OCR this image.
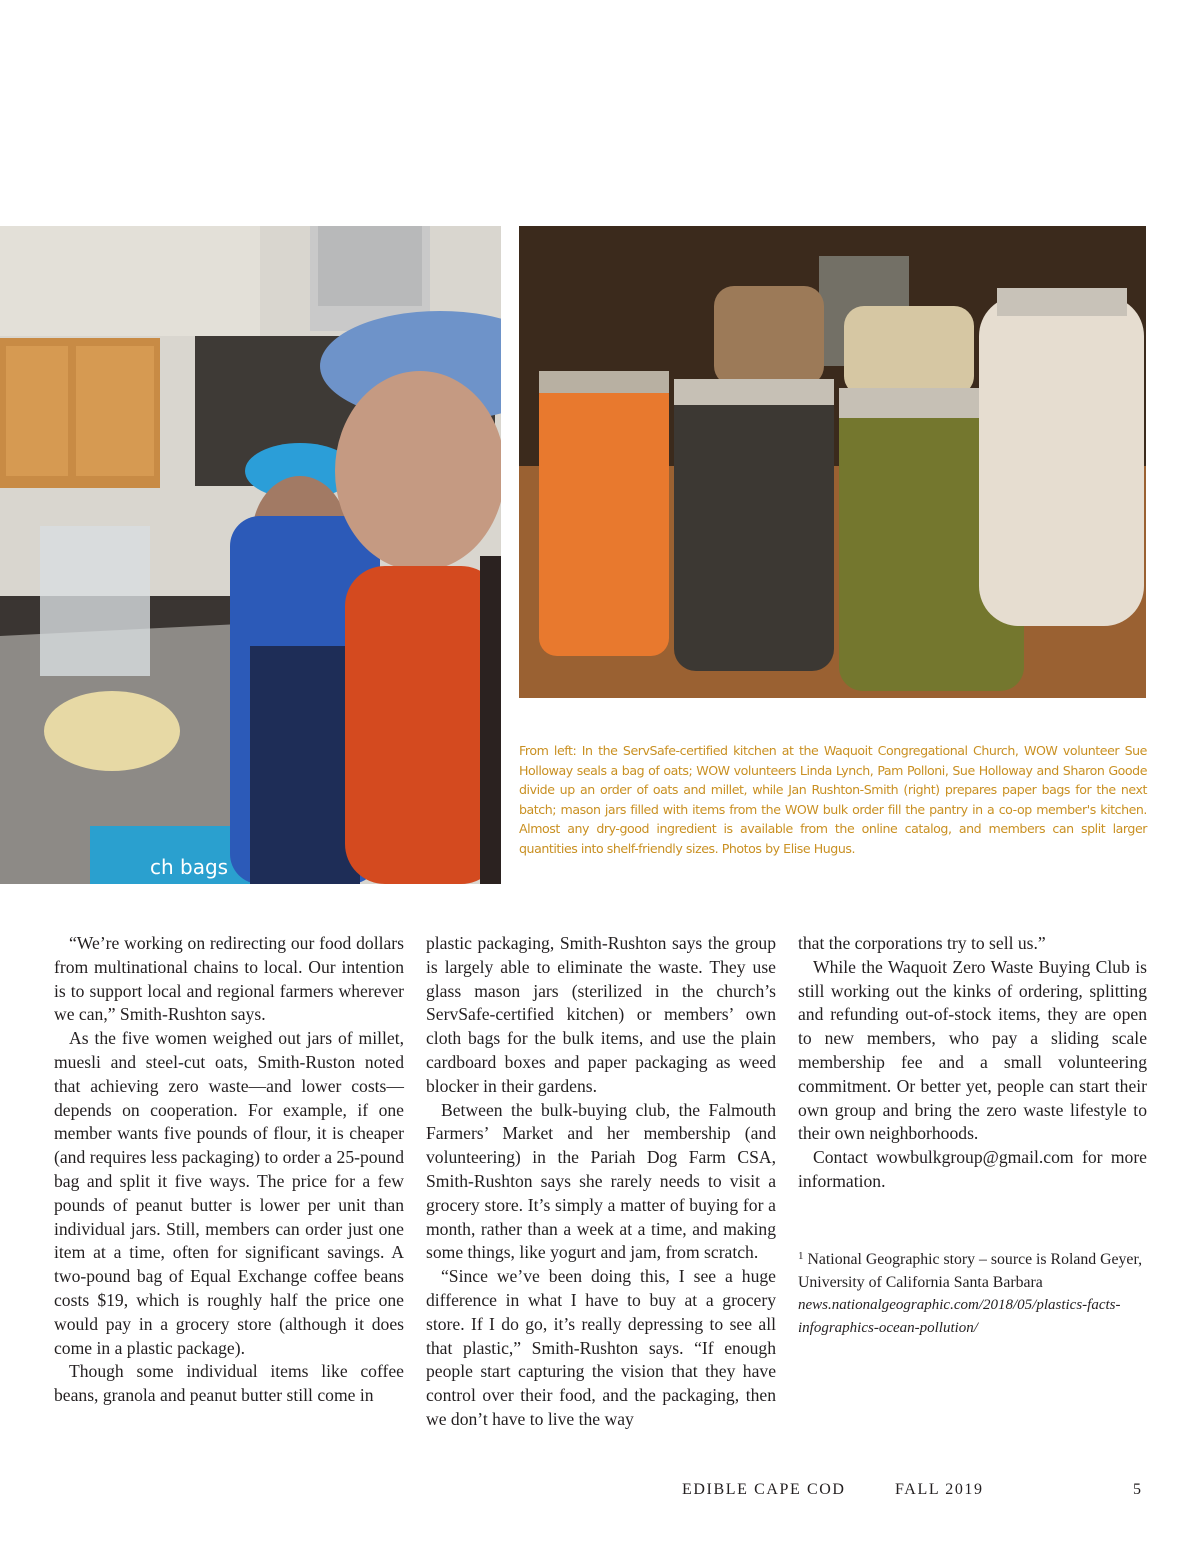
ch bags

From left: In the ServSafe-certified kitchen at the Waquoit Congregational Church, WOW volunteer Sue Holloway seals a bag of oats; WOW volunteers Linda Lynch, Pam Polloni, Sue Holloway and Sharon Goode divide up an order of oats and millet, while Jan Rushton-Smith (right) prepares paper bags for the next batch; mason jars filled with items from the WOW bulk order fill the pantry in a co-op member's kitchen. Almost any dry-good ingredient is available from the online catalog, and members can split larger quantities into shelf-friendly sizes. Photos by Elise Hugus.

“We’re working on redirecting our food dollars from multinational chains to local. Our intention is to support local and regional farmers wherever we can,” Smith-Rushton says.

As the five women weighed out jars of millet, muesli and steel-cut oats, Smith-Ruston noted that achieving zero waste—and lower costs—depends on cooperation. For example, if one member wants five pounds of flour, it is cheaper (and requires less packaging) to order a 25-pound bag and split it five ways. The price for a few pounds of peanut butter is lower per unit than individual jars. Still, members can order just one item at a time, often for significant savings. A two-pound bag of Equal Exchange coffee beans costs $19, which is roughly half the price one would pay in a grocery store (although it does come in a plastic package).

Though some individual items like coffee beans, granola and peanut butter still come in

plastic packaging, Smith-Rushton says the group is largely able to eliminate the waste. They use glass mason jars (sterilized in the church’s ServSafe-certified kitchen) or members’ own cloth bags for the bulk items, and use the plain cardboard boxes and paper packaging as weed blocker in their gardens.

Between the bulk-buying club, the Falmouth Farmers’ Market and her membership (and volunteering) in the Pariah Dog Farm CSA, Smith-Rushton says she rarely needs to visit a grocery store. It’s simply a matter of buying for a month, rather than a week at a time, and making some things, like yogurt and jam, from scratch.

“Since we’ve been doing this, I see a huge difference in what I have to buy at a grocery store. If I do go, it’s really depressing to see all that plastic,” Smith-Rushton says. “If enough people start capturing the vision that they have control over their food, and the packaging, then we don’t have to live the way

that the corporations try to sell us.”

While the Waquoit Zero Waste Buying Club is still working out the kinks of ordering, splitting and refunding out-of-stock items, they are open to new members, who pay a sliding scale membership fee and a small volunteering commitment. Or better yet, people can start their own group and bring the zero waste lifestyle to their own neighborhoods.

Contact wowbulkgroup@gmail.com for more information.

$^1$ National Geographic story – source is Roland Geyer, University of California Santa Barbara
news.nationalgeographic.com/2018/05/plastics-facts-infographics-ocean-pollution/
EDIBLE CAPE COD	FALL 2019	5
